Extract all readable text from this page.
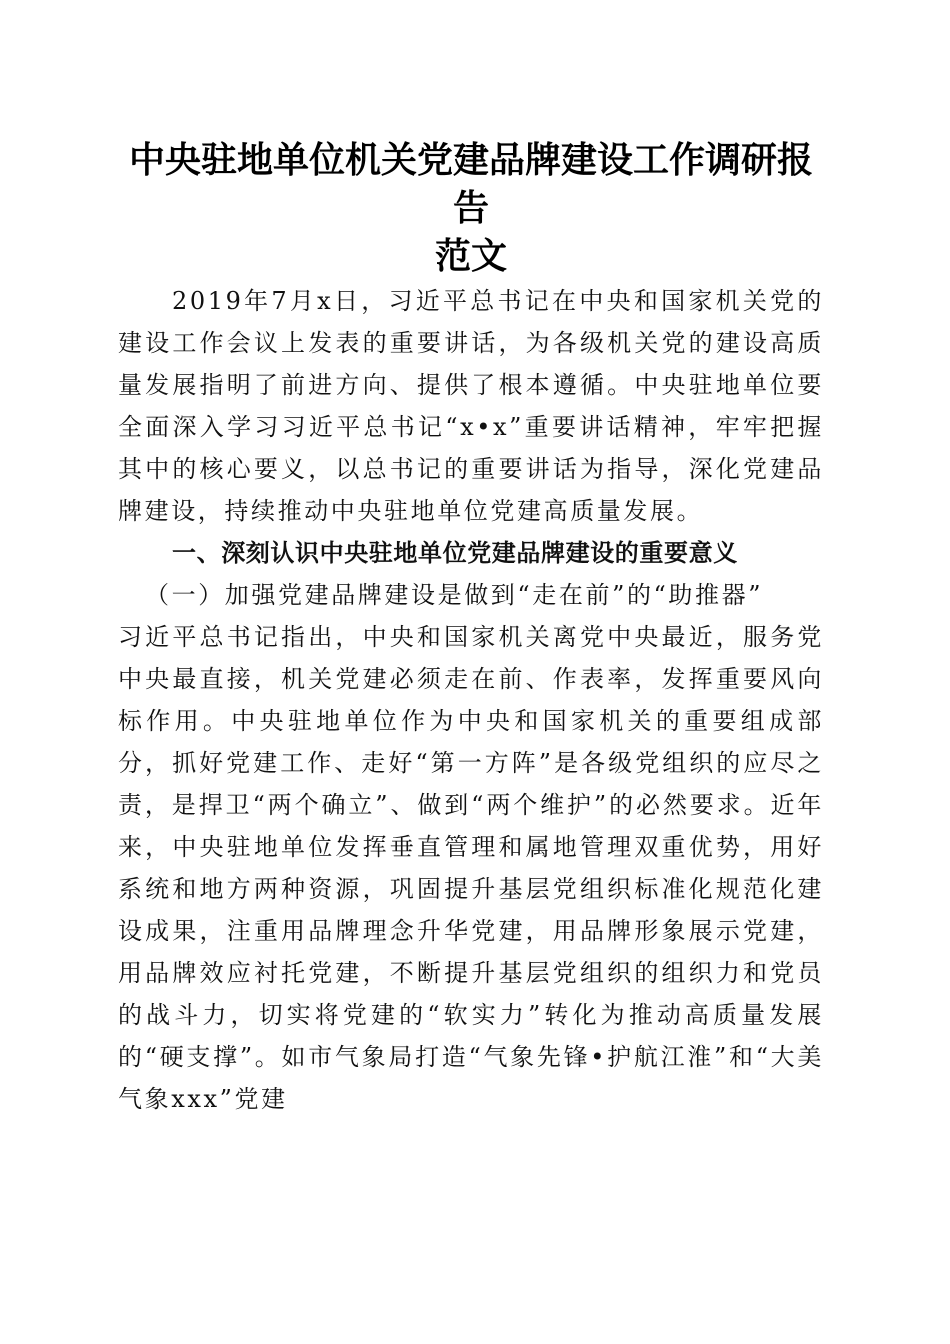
中央驻地单位机关党建品牌建设工作调研报告
范文

2019年7月x日，习近平总书记在中央和国家机关党的建设工作会议上发表的重要讲话，为各级机关党的建设高质量发展指明了前进方向、提供了根本遵循。中央驻地单位要全面深入学习习近平总书记“x•x”重要讲话精神，牢牢把握其中的核心要义，以总书记的重要讲话为指导，深化党建品牌建设，持续推动中央驻地单位党建高质量发展。

一、深刻认识中央驻地单位党建品牌建设的重要意义

（一）加强党建品牌建设是做到“走在前”的“助推器”

习近平总书记指出，中央和国家机关离党中央最近，服务党中央最直接，机关党建必须走在前、作表率，发挥重要风向标作用。中央驻地单位作为中央和国家机关的重要组成部分，抓好党建工作、走好“第一方阵”是各级党组织的应尽之责，是捍卫“两个确立”、做到“两个维护”的必然要求。近年来，中央驻地单位发挥垂直管理和属地管理双重优势，用好系统和地方两种资源，巩固提升基层党组织标准化规范化建设成果，注重用品牌理念升华党建，用品牌形象展示党建，用品牌效应衬托党建，不断提升基层党组织的组织力和党员的战斗力，切实将党建的“软实力”转化为推动高质量发展的“硬支撑”。如市气象局打造“气象先锋•护航江淮”和“大美气象xxx”党建
